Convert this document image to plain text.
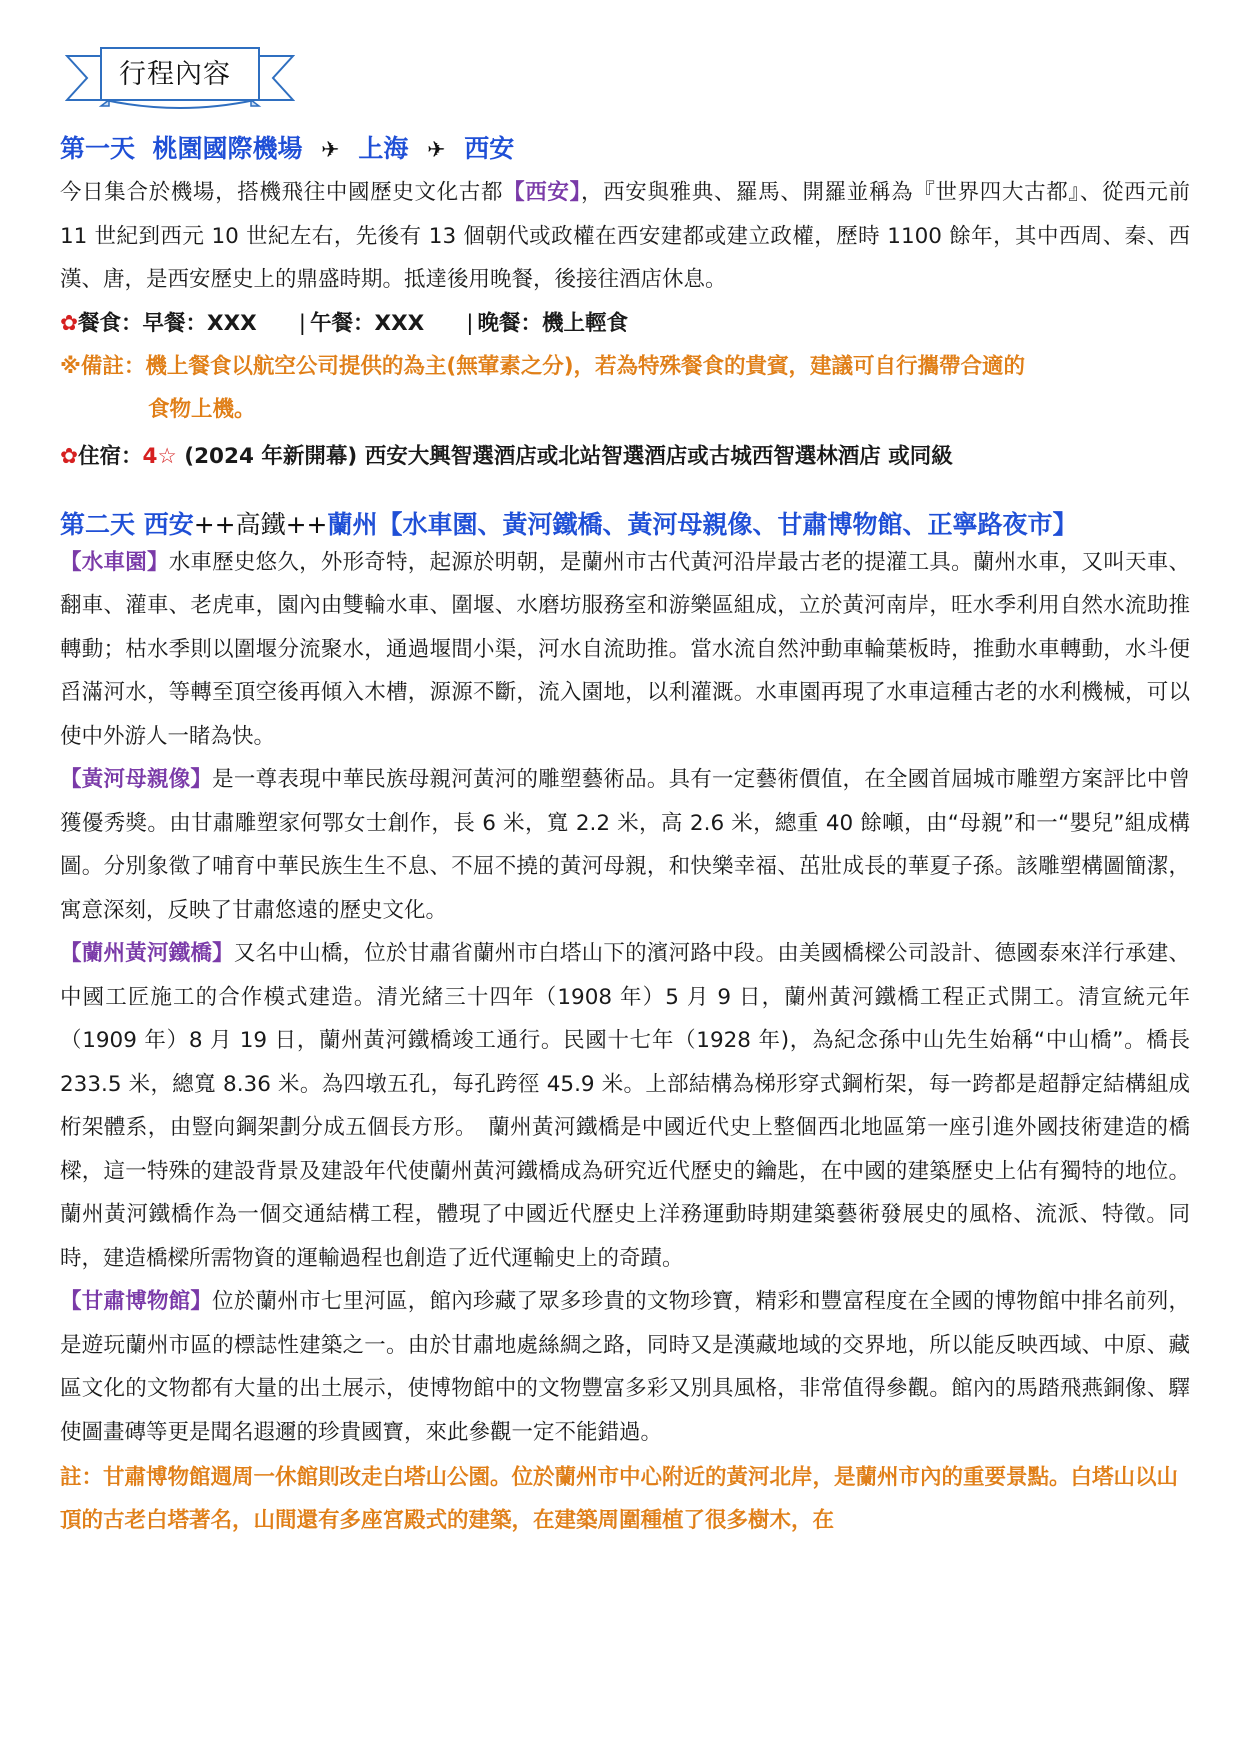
行程內容
第一天 桃園國際機場 ✈ 上海 ✈ 西安

今日集合於機場，搭機飛往中國歷史文化古都【西安】，西安與雅典、羅馬、開羅並稱為『世界四大古都』、從西元前 11 世紀到西元 10 世紀左右，先後有 13 個朝代或政權在西安建都或建立政權，歷時 1100 餘年，其中西周、秦、西漢、唐，是西安歷史上的鼎盛時期。抵達後用晚餐，後接往酒店休息。

✿餐食：早餐：XXX | 午餐：XXX | 晚餐：機上輕食

※備註：機上餐食以航空公司提供的為主(無葷素之分)，若為特殊餐食的貴賓，建議可自行攜帶合適的
食物上機。

✿住宿：4☆ (2024 年新開幕) 西安大興智選酒店或北站智選酒店或古城西智選林酒店 或同級

第二天 西安++高鐵++蘭州【水車園、黃河鐵橋、黃河母親像、甘肅博物館、正寧路夜市】

【水車園】水車歷史悠久，外形奇特，起源於明朝，是蘭州市古代黃河沿岸最古老的提灌工具。蘭州水車，又叫天車、翻車、灌車、老虎車，園內由雙輪水車、圍堰、水磨坊服務室和游樂區組成，立於黃河南岸，旺水季利用自然水流助推轉動；枯水季則以圍堰分流聚水，通過堰間小渠，河水自流助推。當水流自然沖動車輪葉板時，推動水車轉動，水斗便舀滿河水，等轉至頂空後再傾入木槽，源源不斷，流入園地，以利灌溉。水車園再現了水車這種古老的水利機械，可以使中外游人一睹為快。

【黃河母親像】是一尊表現中華民族母親河黃河的雕塑藝術品。具有一定藝術價值，在全國首屆城市雕塑方案評比中曾獲優秀獎。由甘肅雕塑家何鄂女士創作，長 6 米，寬 2.2 米，高 2.6 米，總重 40 餘噸，由“母親”和一“嬰兒”組成構圖。分別象徵了哺育中華民族生生不息、不屈不撓的黃河母親，和快樂幸福、茁壯成長的華夏子孫。該雕塑構圖簡潔，寓意深刻，反映了甘肅悠遠的歷史文化。

【蘭州黃河鐵橋】又名中山橋，位於甘肅省蘭州市白塔山下的濱河路中段。由美國橋樑公司設計、德國泰來洋行承建、中國工匠施工的合作模式建造。清光緒三十四年（1908 年）5 月 9 日，蘭州黃河鐵橋工程正式開工。清宣統元年（1909 年）8 月 19 日，蘭州黃河鐵橋竣工通行。民國十七年（1928 年)，為紀念孫中山先生始稱“中山橋”。橋長 233.5 米，總寬 8.36 米。為四墩五孔，每孔跨徑 45.9 米。上部結構為梯形穿式鋼桁架，每一跨都是超靜定結構組成桁架體系，由豎向鋼架劃分成五個長方形。　蘭州黃河鐵橋是中國近代史上整個西北地區第一座引進外國技術建造的橋樑，這一特殊的建設背景及建設年代使蘭州黃河鐵橋成為研究近代歷史的鑰匙，在中國的建築歷史上佔有獨特的地位。蘭州黃河鐵橋作為一個交通結構工程，體現了中國近代歷史上洋務運動時期建築藝術發展史的風格、流派、特徵。同時，建造橋樑所需物資的運輸過程也創造了近代運輸史上的奇蹟。

【甘肅博物館】位於蘭州市七里河區，館內珍藏了眾多珍貴的文物珍寶，精彩和豐富程度在全國的博物館中排名前列，是遊玩蘭州市區的標誌性建築之一。由於甘肅地處絲綢之路，同時又是漢藏地域的交界地，所以能反映西域、中原、藏區文化的文物都有大量的出土展示，使博物館中的文物豐富多彩又別具風格，非常值得參觀。館內的馬踏飛燕銅像、驛使圖畫磚等更是聞名遐邇的珍貴國寶，來此參觀一定不能錯過。

註：甘肅博物館週周一休館則改走白塔山公園。位於蘭州市中心附近的黃河北岸，是蘭州市內的重要景點。白塔山以山頂的古老白塔著名，山間還有多座宮殿式的建築，在建築周圍種植了很多樹木，在
